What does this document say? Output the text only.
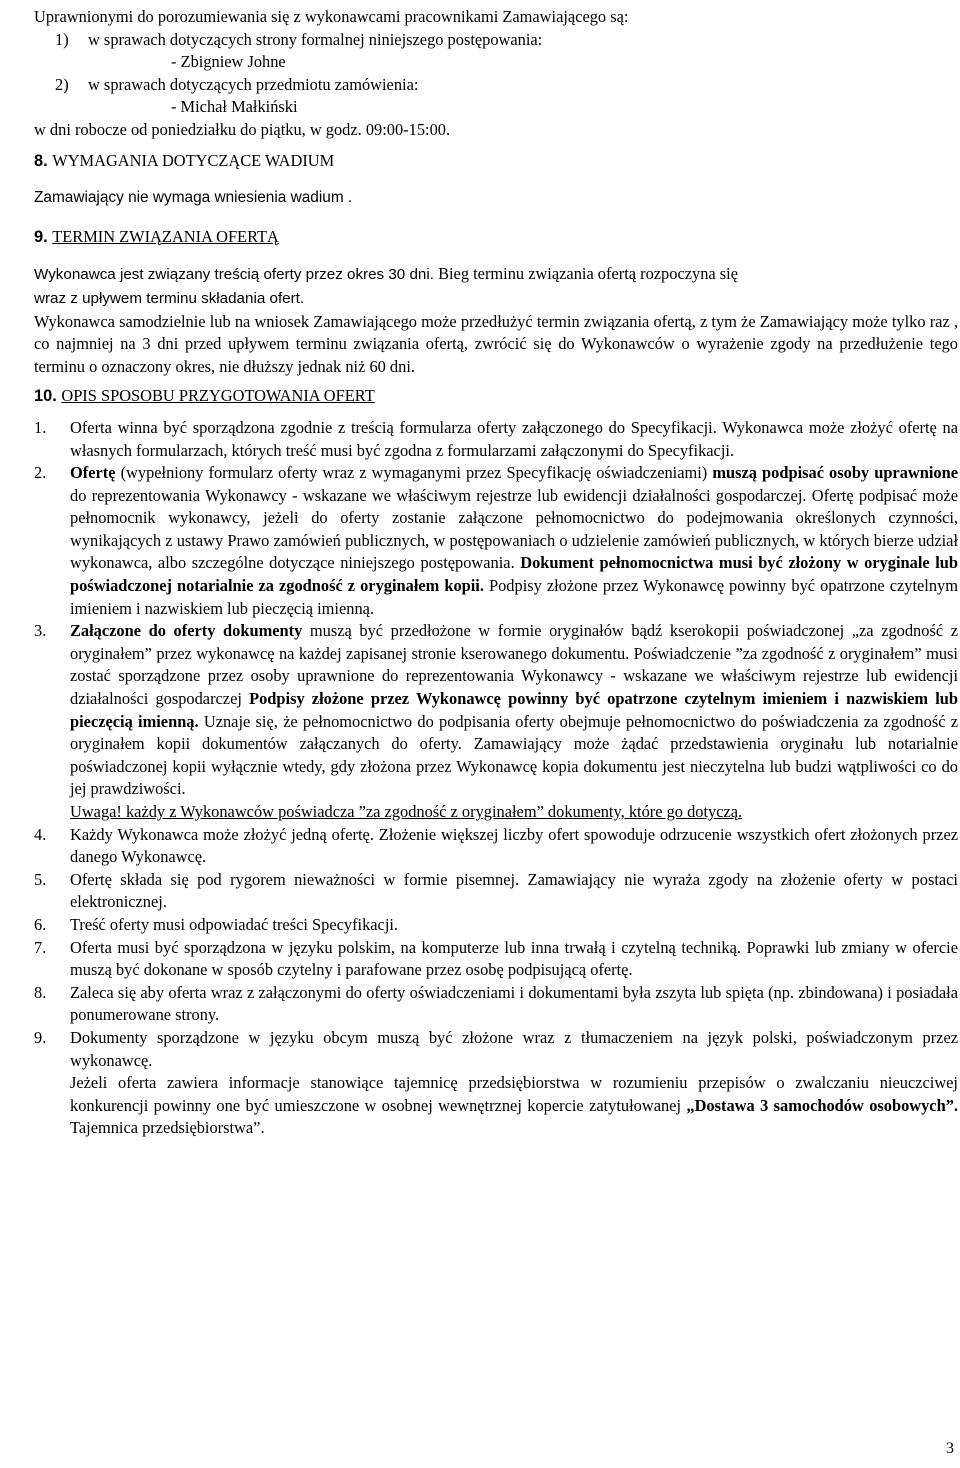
Uprawnionymi do porozumiewania się z wykonawcami pracownikami Zamawiającego są:

1) w sprawach dotyczących strony formalnej niniejszego postępowania:

- Zbigniew Johne

2) w sprawach dotyczących przedmiotu zamówienia:

- Michał Małkiński

w dni robocze od poniedziałku do piątku, w godz. 09:00-15:00.

8. WYMAGANIA DOTYCZĄCE WADIUM

Zamawiający nie wymaga wniesienia wadium .

9. TERMIN ZWIĄZANIA OFERTĄ

Wykonawca jest związany treścią oferty przez okres 30 dni. Bieg terminu związania ofertą rozpoczyna się
wraz z upływem terminu składania ofert.

Wykonawca samodzielnie lub na wniosek Zamawiającego może przedłużyć termin związania ofertą, z tym że Zamawiający może tylko raz , co najmniej na 3 dni przed upływem terminu związania ofertą, zwrócić się do Wykonawców o wyrażenie zgody na przedłużenie tego terminu o oznaczony okres, nie dłuższy jednak niż 60 dni.

10. OPIS SPOSOBU PRZYGOTOWANIA OFERT

1.	Oferta winna być sporządzona zgodnie z treścią formularza oferty załączonego do Specyfikacji. Wykonawca może złożyć ofertę na własnych formularzach, których treść musi być zgodna z formularzami załączonymi do Specyfikacji.
2.	Ofertę (wypełniony formularz oferty wraz z wymaganymi przez Specyfikację oświadczeniami) muszą podpisać osoby uprawnione do reprezentowania Wykonawcy - wskazane we właściwym rejestrze lub ewidencji działalności gospodarczej. Ofertę podpisać może pełnomocnik wykonawcy, jeżeli do oferty zostanie załączone pełnomocnictwo do podejmowania określonych czynności, wynikających z ustawy Prawo zamówień publicznych, w postępowaniach o udzielenie zamówień publicznych, w których bierze udział wykonawca, albo szczególne dotyczące niniejszego postępowania. Dokument pełnomocnictwa musi być złożony w oryginale lub poświadczonej notarialnie za zgodność z oryginałem kopii. Podpisy złożone przez Wykonawcę powinny być opatrzone czytelnym imieniem i nazwiskiem lub pieczęcią imienną.
3.	Załączone do oferty dokumenty muszą być przedłożone w formie oryginałów bądź kserokopii poświadczonej „za zgodność z oryginałem” przez wykonawcę na każdej zapisanej stronie kserowanego dokumentu. Poświadczenie ”za zgodność z oryginałem” musi zostać sporządzone przez osoby uprawnione do reprezentowania Wykonawcy - wskazane we właściwym rejestrze lub ewidencji działalności gospodarczej Podpisy złożone przez Wykonawcę powinny być opatrzone czytelnym imieniem i nazwiskiem lub pieczęcią imienną. Uznaje się, że pełnomocnictwo do podpisania oferty obejmuje pełnomocnictwo do poświadczenia za zgodność z oryginałem kopii dokumentów załączanych do oferty. Zamawiający może żądać przedstawienia oryginału lub notarialnie poświadczonej kopii wyłącznie wtedy, gdy złożona przez Wykonawcę kopia dokumentu jest nieczytelna lub budzi wątpliwości co do jej prawdziwości.
Uwaga! każdy z Wykonawców poświadcza ”za zgodność z oryginałem” dokumenty, które go dotyczą.
4.	Każdy Wykonawca może złożyć jedną ofertę. Złożenie większej liczby ofert spowoduje odrzucenie wszystkich ofert złożonych przez danego Wykonawcę.
5.	Ofertę składa się pod rygorem nieważności w formie pisemnej. Zamawiający nie wyraża zgody na złożenie oferty w postaci elektronicznej.
6.	Treść oferty musi odpowiadać treści Specyfikacji.
7.	Oferta musi być sporządzona w języku polskim, na komputerze lub inna trwałą i czytelną techniką. Poprawki lub zmiany w ofercie muszą być dokonane w sposób czytelny i parafowane przez osobę podpisującą ofertę.
8.	Zaleca się aby oferta wraz z załączonymi do oferty oświadczeniami i dokumentami była zszyta lub spięta (np. zbindowana) i posiadała ponumerowane strony.
9.	Dokumenty sporządzone w języku obcym muszą być złożone wraz z tłumaczeniem na język polski, poświadczonym przez wykonawcę.
Jeżeli oferta zawiera informacje stanowiące tajemnicę przedsiębiorstwa w rozumieniu przepisów o zwalczaniu nieuczciwej konkurencji powinny one być umieszczone w osobnej wewnętrznej kopercie zatytułowanej „Dostawa 3 samochodów osobowych”. Tajemnica przedsiębiorstwa”.
3
